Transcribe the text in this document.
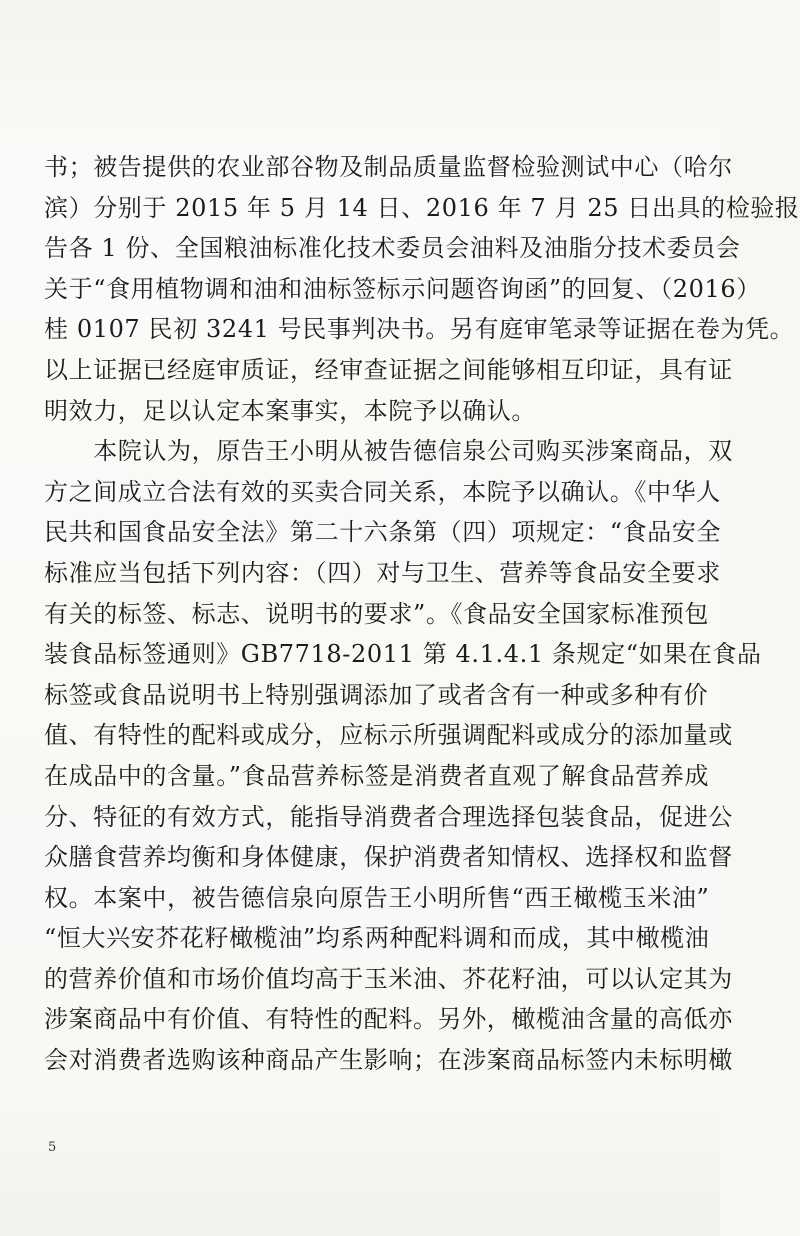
书；被告提供的农业部谷物及制品质量监督检验测试中心（哈尔
滨）分别于 2015 年 5 月 14 日、2016 年 7 月 25 日出具的检验报
告各 1 份、全国粮油标准化技术委员会油料及油脂分技术委员会
关于“食用植物调和油和油标签标示问题咨询函”的回复、（2016）
桂 0107 民初 3241 号民事判决书。另有庭审笔录等证据在卷为凭。
以上证据已经庭审质证，经审查证据之间能够相互印证，具有证
明效力，足以认定本案事实，本院予以确认。
　　本院认为，原告王小明从被告德信泉公司购买涉案商品，双
方之间成立合法有效的买卖合同关系，本院予以确认。《中华人
民共和国食品安全法》第二十六条第（四）项规定：“食品安全
标准应当包括下列内容：（四）对与卫生、营养等食品安全要求
有关的标签、标志、说明书的要求”。《食品安全国家标准预包
装食品标签通则》GB7718-2011 第 4.1.4.1 条规定“如果在食品
标签或食品说明书上特别强调添加了或者含有一种或多种有价
值、有特性的配料或成分，应标示所强调配料或成分的添加量或
在成品中的含量。”食品营养标签是消费者直观了解食品营养成
分、特征的有效方式，能指导消费者合理选择包装食品，促进公
众膳食营养均衡和身体健康，保护消费者知情权、选择权和监督
权。本案中，被告德信泉向原告王小明所售“西王橄榄玉米油”
“恒大兴安芥花籽橄榄油”均系两种配料调和而成，其中橄榄油
的营养价值和市场价值均高于玉米油、芥花籽油，可以认定其为
涉案商品中有价值、有特性的配料。另外，橄榄油含量的高低亦
会对消费者选购该种商品产生影响；在涉案商品标签内未标明橄
5
